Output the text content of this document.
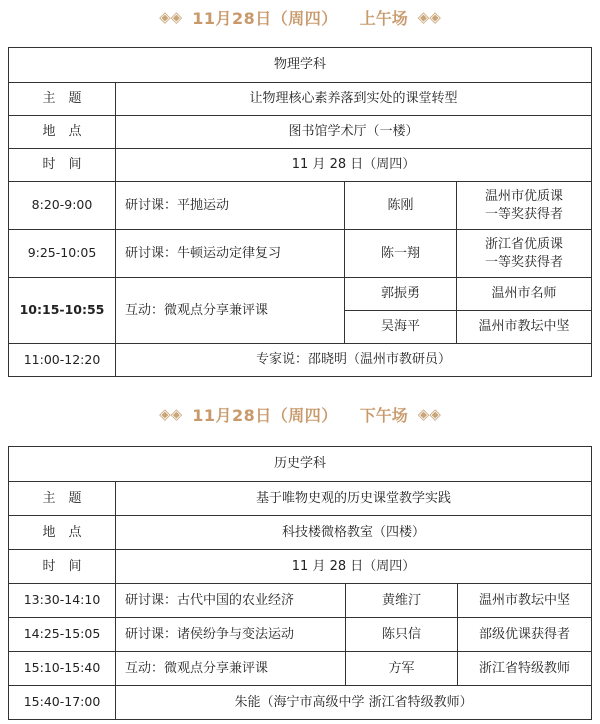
◈◈ 11月28日（周四） 上午场 ◈◈
物理学科			
主　题	让物理核心素养落到实处的课堂转型		
地　点	图书馆学术厅（一楼）		
时　间	11 月 28 日（周四）		
8:20-9:00	研讨课：平抛运动	陈刚	温州市优质课
一等奖获得者

9:25-10:05	研讨课：牛顿运动定律复习	陈一翔	浙江省优质课
一等奖获得者

10:15-10:55	互动：微观点分享兼评课	郭振勇	温州市名师
		吴海平	温州市教坛中坚
11:00-12:20	专家说：邵晓明（温州市教研员）		
◈◈ 11月28日（周四） 下午场 ◈◈
历史学科			
主　题	基于唯物史观的历史课堂教学实践		
地　点	科技楼微格教室（四楼）		
时　间	11 月 28 日（周四）		
13:30-14:10	研讨课：古代中国的农业经济	黄维汀	温州市教坛中坚
14:25-15:05	研讨课：诸侯纷争与变法运动	陈只信	部级优课获得者
15:10-15:40	互动：微观点分享兼评课	方军	浙江省特级教师
15:40-17:00	朱能（海宁市高级中学 浙江省特级教师）		
